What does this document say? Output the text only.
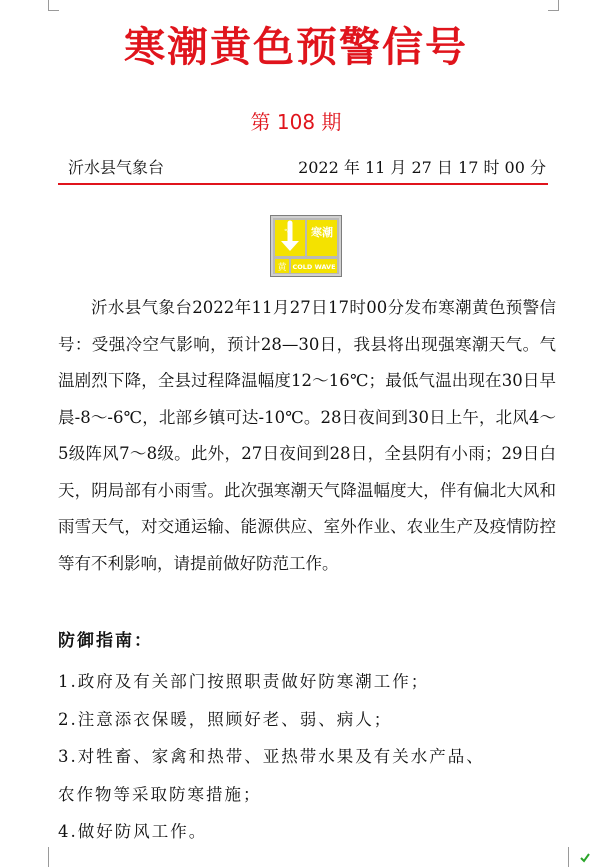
寒潮黄色预警信号
第 108 期
沂水县气象台	2022 年 11 月 27 日 17 时 00 分
℃ 寒潮
黄 COLD WAVE

沂水县气象台2022年11月27日17时00分发布寒潮黄色预警信号：受强冷空气影响，预计28—30日，我县将出现强寒潮天气。气温剧烈下降，全县过程降温幅度12～16℃；最低气温出现在30日早晨-8～-6℃，北部乡镇可达-10℃。28日夜间到30日上午，北风4～5级阵风7～8级。此外，27日夜间到28日，全县阴有小雨；29日白天，阴局部有小雨雪。此次强寒潮天气降温幅度大，伴有偏北大风和雨雪天气，对交通运输、能源供应、室外作业、农业生产及疫情防控等有不利影响，请提前做好防范工作。

防御指南：
1.政府及有关部门按照职责做好防寒潮工作；
2.注意添衣保暖，照顾好老、弱、病人；
3.对牲畜、家禽和热带、亚热带水果及有关水产品、
农作物等采取防寒措施；
4.做好防风工作。
